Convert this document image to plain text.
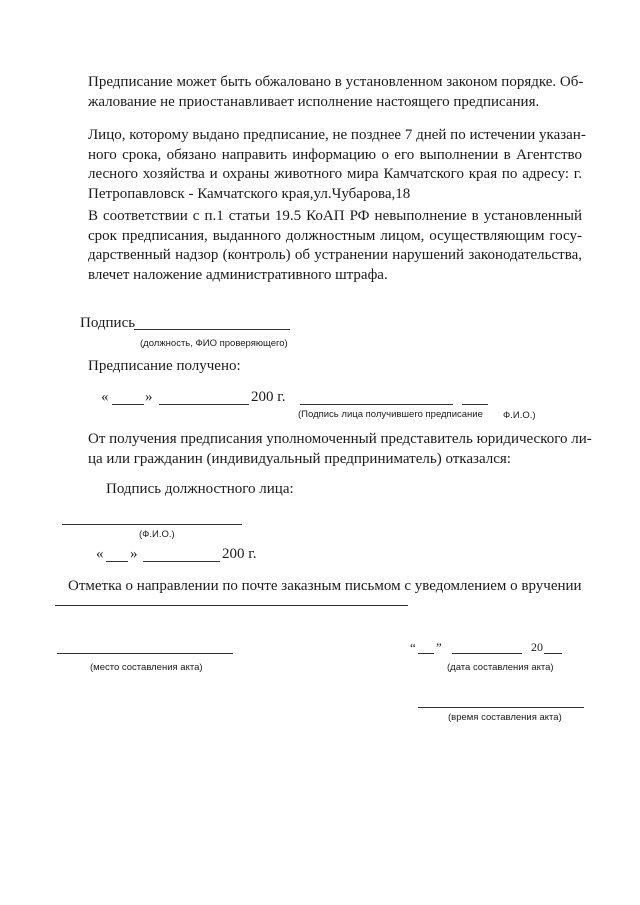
Предписание может быть обжаловано в установленном законом порядке. Об-
жалование не приостанавливает исполнение настоящего предписания.
Лицо, которому выдано предписание, не позднее 7 дней по истечении указан-
ного срока, обязано направить информацию о его выполнении в Агентство
лесного хозяйства и охраны животного мира Камчатского края по адресу: г.
Петропавловск - Камчатского края,ул.Чубарова,18
В соответствии с п.1 статьи 19.5 КоАП РФ невыполнение в установленный
срок предписания, выданного должностным лицом, осуществляющим госу-
дарственный надзор (контроль) об устранении нарушений законодательства,
влечет наложение административного штрафа.
Подпись
(должность, ФИО проверяющего)
Предписание получено:
« »	200 г.
(Подпись лица получившего предписание Ф.И.О.)
От получения предписания уполномоченный представитель юридического ли-
ца или гражданин (индивидуальный предприниматель) отказался:
Подпись должностного лица:
(Ф.И.О.)
« »	200 г.
Отметка о направлении по почте заказным письмом с уведомлением о вручении
(место составления акта)
“ ”	20
(дата составления акта)
(время составления акта)
